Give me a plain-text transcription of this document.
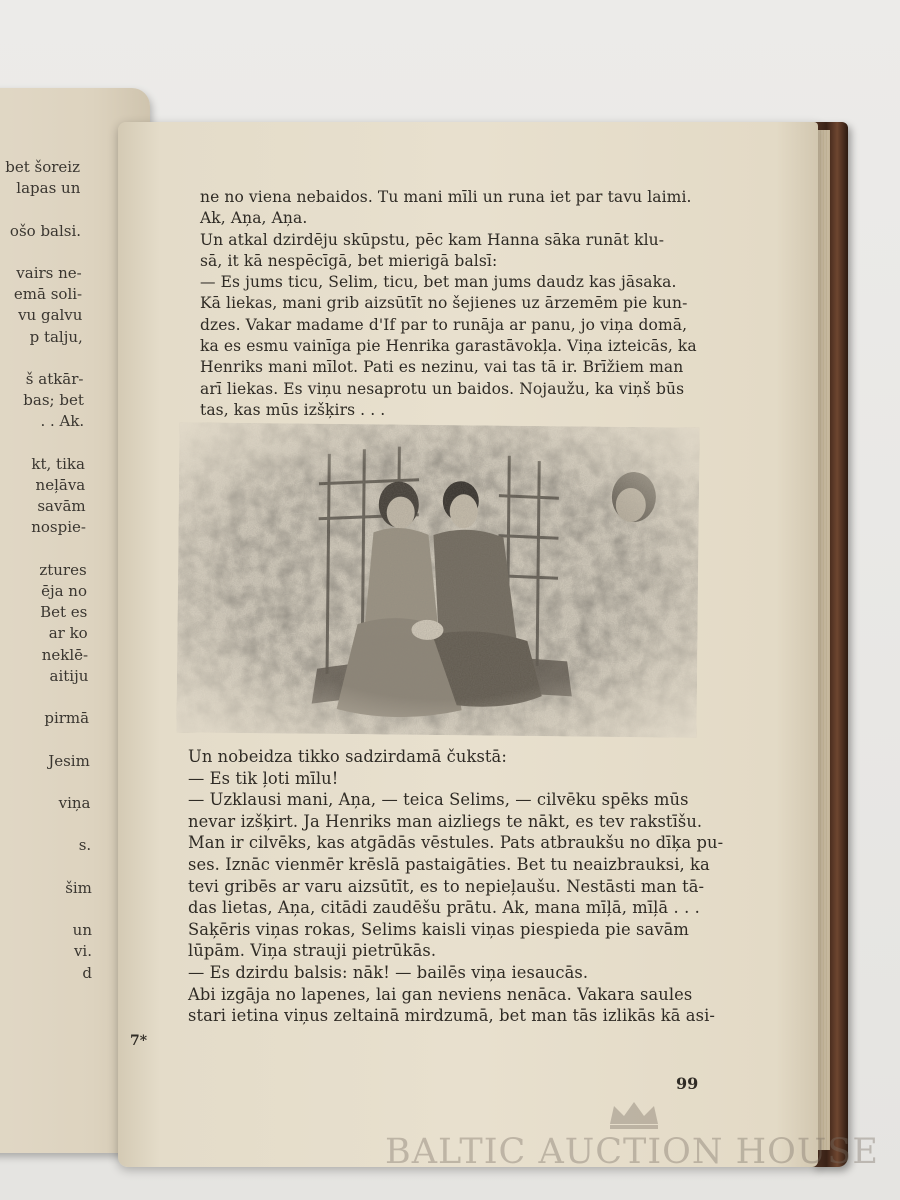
bet šoreiz
lapas un
ošo balsi.
vairs ne-
emā soli-
vu galvu
p talju,
š atkār-
bas; bet
. . Ak.
kt, tika
neļāva
savām
nospie-
ztures
ēja no
Bet es
ar ko
neklē-
aitiju
pirmā
Jesim
viņa
s.
šim
un
vi.
d
ne no viena nebaidos. Tu mani mīli un runa iet par tavu laimi.
Ak, Aņa, Aņa.
Un atkal dzirdēju skūpstu, pēc kam Hanna sāka runāt klu-
sā, it kā nespēcīgā, bet mierigā balsī:
— Es jums ticu, Selim, ticu, bet man jums daudz kas jāsaka.
Kā liekas, mani grib aizsūtīt no šejienes uz ārzemēm pie kun-
dzes. Vakar madame d'If par to runāja ar panu, jo viņa domā,
ka es esmu vainīga pie Henrika garastāvokļa. Viņa izteicās, ka
Henriks mani mīlot. Pati es nezinu, vai tas tā ir. Brīžiem man
arī liekas. Es viņu nesaprotu un baidos. Nojaužu, ka viņš būs
tas, kas mūs izšķirs . . .
Un nobeidza tikko sadzirdamā čukstā:
— Es tik ļoti mīlu!
— Uzklausi mani, Aņa, — teica Selims, — cilvēku spēks mūs
nevar izšķirt. Ja Henriks man aizliegs te nākt, es tev rakstīšu.
Man ir cilvēks, kas atgādās vēstules. Pats atbraukšu no dīķa pu-
ses. Iznāc vienmēr krēslā pastaigāties. Bet tu neaizbrauksi, ka
tevi gribēs ar varu aizsūtīt, es to nepieļaušu. Nestāsti man tā-
das lietas, Aņa, citādi zaudēšu prātu. Ak, mana mīļā, mīļā . . .
Saķēris viņas rokas, Selims kaisli viņas piespieda pie savām
lūpām. Viņa strauji pietrūkās.
— Es dzirdu balsis: nāk! — bailēs viņa iesaucās.
Abi izgāja no lapenes, lai gan neviens nenāca. Vakara saules
stari ietina viņus zeltainā mirdzumā, bet man tās izlikās kā asi-
7*
99
BALTIC AUCTION HOUSE
